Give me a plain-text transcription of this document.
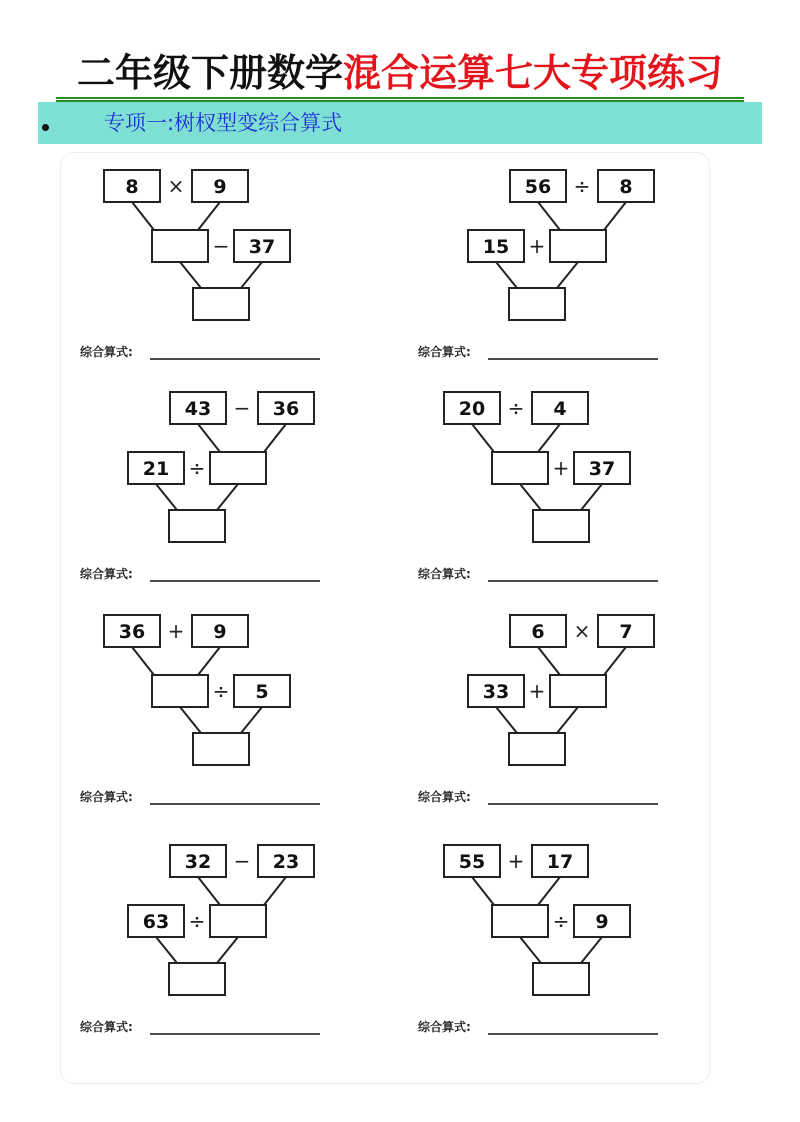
二年级下册数学混合运算七大专项练习
专项一:树杈型变综合算式
8	9
×
37
−
综合算式:
56	8
÷
15 +
综合算式:
43	36
−
21 ÷
综合算式:
20	4
÷
37
+
综合算式:
36	9
+
5
÷
综合算式:
6	7
×
33 +
综合算式:
32	23
−
63 ÷
综合算式:
55	17
+
9
÷
综合算式:
